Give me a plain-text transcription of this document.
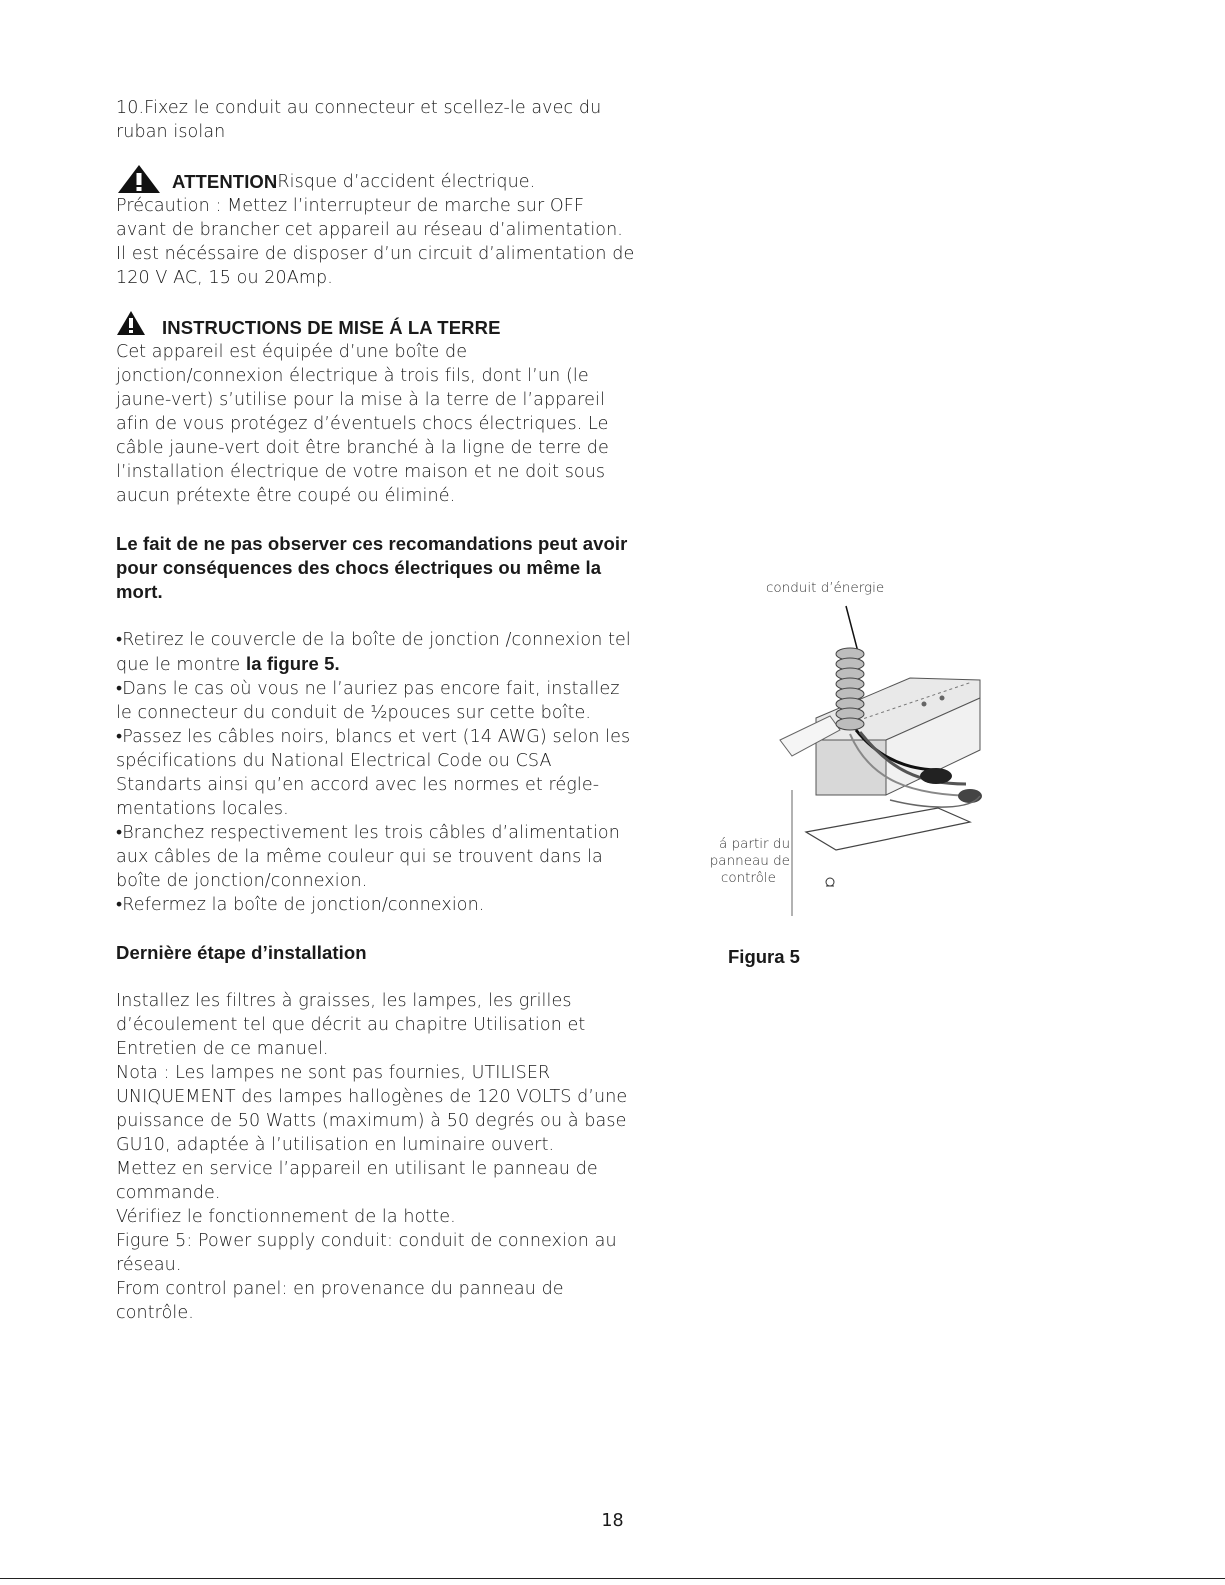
10.Fixez le conduit au connecteur et scellez-le avec du ruban isolan

ATTENTION Risque d’accident électrique.

Précaution : Mettez l’interrupteur de marche sur OFF avant de brancher cet appareil au réseau d’alimentation. Il est nécéssaire de disposer d’un circuit d’alimentation de 120 V AC, 15 ou 20Amp.

INSTRUCTIONS DE MISE Á LA TERRE

Cet appareil est équipée d’une boîte de jonction/connexion électrique à trois fils, dont l’un (le jaune-vert) s’utilise pour la mise à la terre de l’appareil afin de vous protégez d’éventuels chocs électriques. Le câble jaune-vert doit être branché à la ligne de terre de l’installation électrique de votre maison et ne doit sous aucun prétexte être coupé ou éliminé.

Le fait de ne pas observer ces recomandations peut avoir pour conséquences des chocs électriques ou même la mort.

•Retirez le couvercle de la boîte de jonction /connexion tel que le montre la figure 5.

•Dans le cas où vous ne l’auriez pas encore fait, installez le connecteur du conduit de ½pouces sur cette boîte.

•Passez les câbles noirs, blancs et vert (14 AWG) selon les spécifications du National Electrical Code ou CSA Standarts ainsi qu’en accord avec les normes et régle-mentations locales.

•Branchez respectivement les trois câbles d’alimentation aux câbles de la même couleur qui se trouvent dans la boîte de jonction/connexion.

•Refermez la boîte de jonction/connexion.

Dernière étape d’installation

Installez les filtres à graisses, les lampes, les grilles d’écoulement tel que décrit au chapitre Utilisation et Entretien de ce manuel.

Nota : Les lampes ne sont pas fournies, UTILISER UNIQUEMENT des lampes hallogènes de 120 VOLTS d’une puissance de 50 Watts (maximum) à 50 degrés ou à base GU10, adaptée à l’utilisation en luminaire ouvert.

Mettez en service l’appareil en utilisant le panneau de commande.

Vérifiez le fonctionnement de la hotte.

Figure 5: Power supply conduit: conduit de connexion au réseau.

From control panel: en provenance du panneau de contrôle.

conduit d’énergie
á partir du
panneau de
contrôle
Figura 5
18
